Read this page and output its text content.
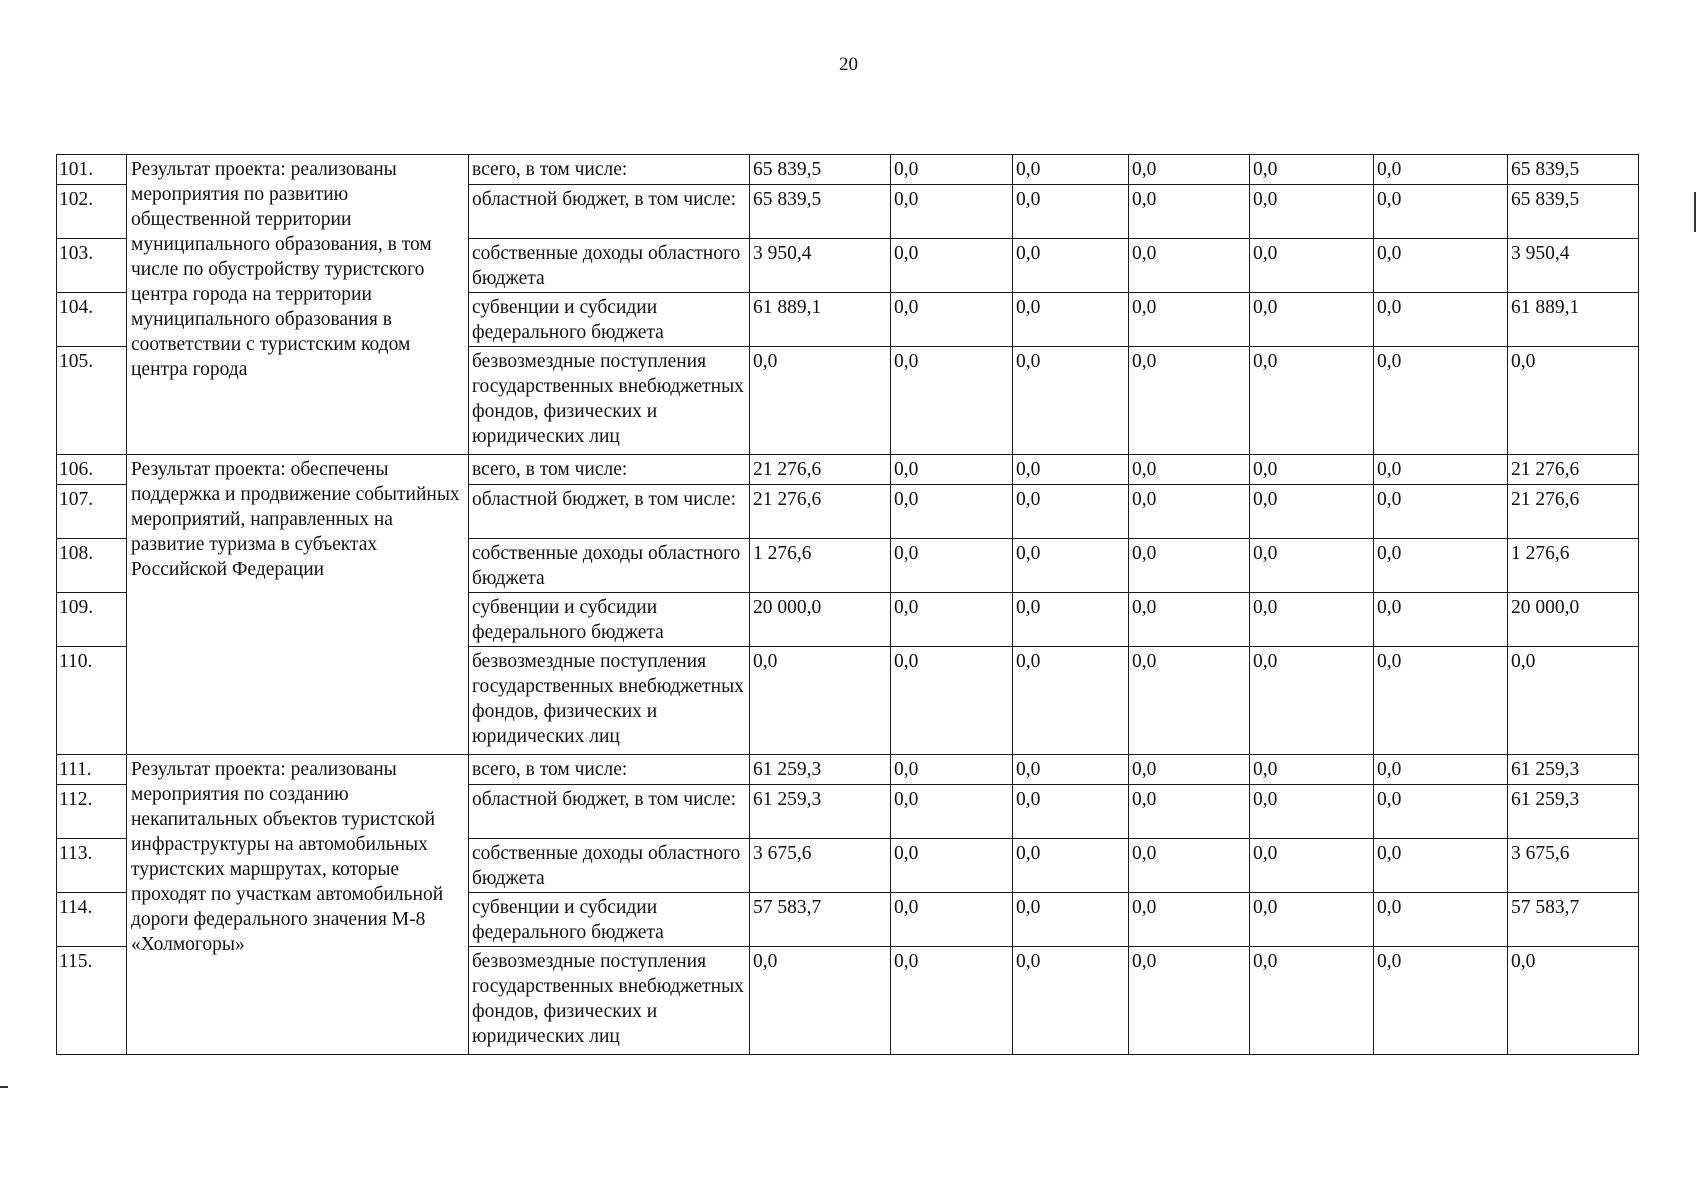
20
101.	Результат проекта: реализованы мероприятия по развитию общественной территории муниципального образования, в том числе по обустройству туристского центра города на территории муниципального образования в соответствии с туристским кодом центра города	всего, в том числе:	65 839,5	0,0	0,0	0,0	0,0	0,0	65 839,5
102.		областной бюджет, в том числе:	65 839,5	0,0	0,0	0,0	0,0	0,0	65 839,5
103.		собственные доходы областного бюджета	3 950,4	0,0	0,0	0,0	0,0	0,0	3 950,4
104.		субвенции и субсидии федерального бюджета	61 889,1	0,0	0,0	0,0	0,0	0,0	61 889,1
105.		безвозмездные поступления государственных внебюджетных фондов, физических и юридических лиц	0,0	0,0	0,0	0,0	0,0	0,0	0,0
106.	Результат проекта: обеспечены поддержка и продвижение событийных мероприятий, направленных на развитие туризма в субъектах Российской Федерации	всего, в том числе:	21 276,6	0,0	0,0	0,0	0,0	0,0	21 276,6
107.		областной бюджет, в том числе:	21 276,6	0,0	0,0	0,0	0,0	0,0	21 276,6
108.		собственные доходы областного бюджета	1 276,6	0,0	0,0	0,0	0,0	0,0	1 276,6
109.		субвенции и субсидии федерального бюджета	20 000,0	0,0	0,0	0,0	0,0	0,0	20 000,0
110.		безвозмездные поступления государственных внебюджетных фондов, физических и юридических лиц	0,0	0,0	0,0	0,0	0,0	0,0	0,0
111.	Результат проекта: реализованы мероприятия по созданию некапитальных объектов туристской инфраструктуры на автомобильных туристских маршрутах, которые проходят по участкам автомобильной дороги федерального значения М-8 «Холмогоры»	всего, в том числе:	61 259,3	0,0	0,0	0,0	0,0	0,0	61 259,3
112.		областной бюджет, в том числе:	61 259,3	0,0	0,0	0,0	0,0	0,0	61 259,3
113.		собственные доходы областного бюджета	3 675,6	0,0	0,0	0,0	0,0	0,0	3 675,6
114.		субвенции и субсидии федерального бюджета	57 583,7	0,0	0,0	0,0	0,0	0,0	57 583,7
115.		безвозмездные поступления государственных внебюджетных фондов, физических и юридических лиц	0,0	0,0	0,0	0,0	0,0	0,0	0,0
